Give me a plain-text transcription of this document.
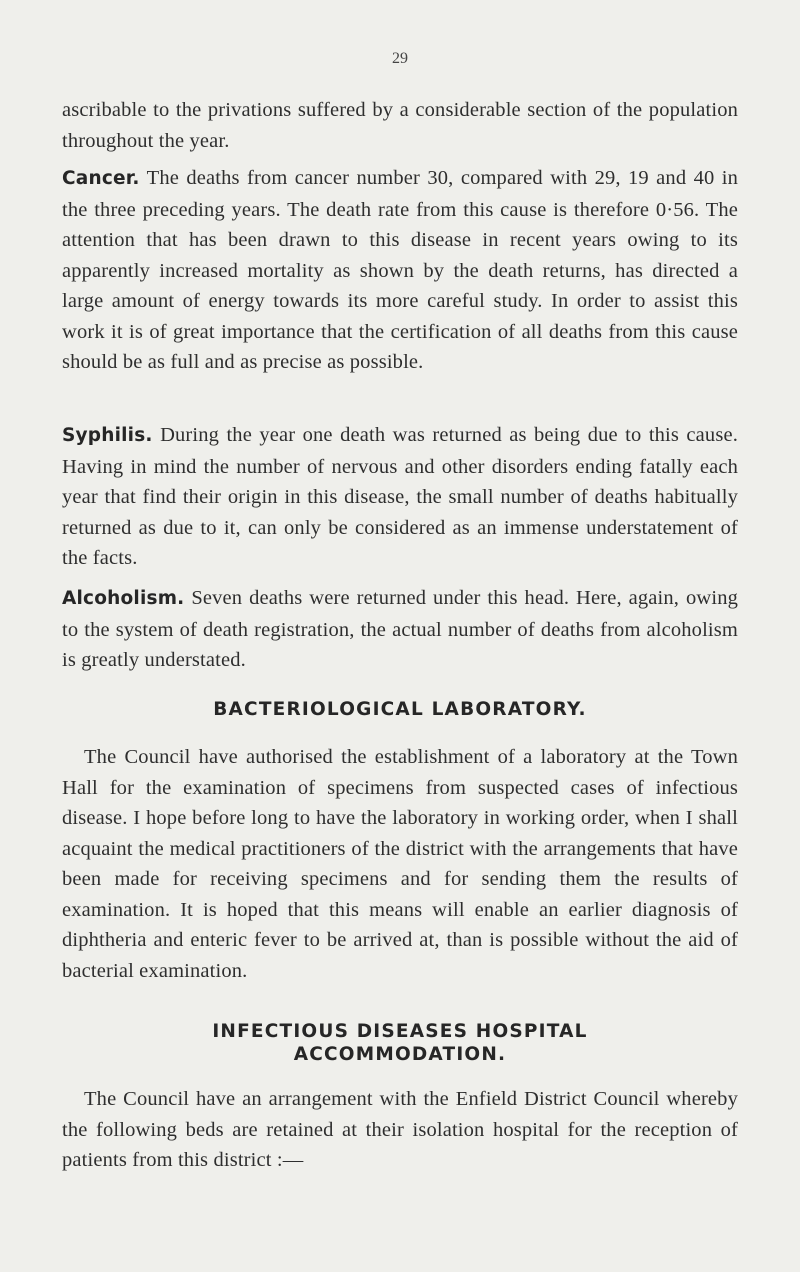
29

ascribable to the privations suffered by a considerable section of the population throughout the year.

Cancer. The deaths from cancer number 30, compared with 29, 19 and 40 in the three preceding years. The death rate from this cause is therefore 0·56. The attention that has been drawn to this disease in recent years owing to its apparently increased mortality as shown by the death returns, has directed a large amount of energy towards its more careful study. In order to assist this work it is of great importance that the certification of all deaths from this cause should be as full and as precise as possible.

Syphilis. During the year one death was returned as being due to this cause. Having in mind the number of nervous and other disorders ending fatally each year that find their origin in this disease, the small number of deaths habitually returned as due to it, can only be considered as an immense understatement of the facts.

Alcoholism. Seven deaths were returned under this head. Here, again, owing to the system of death registration, the actual number of deaths from alcoholism is greatly understated.

BACTERIOLOGICAL LABORATORY.

The Council have authorised the establishment of a laboratory at the Town Hall for the examination of specimens from suspected cases of infectious disease. I hope before long to have the laboratory in working order, when I shall acquaint the medical practitioners of the district with the arrangements that have been made for receiving specimens and for sending them the results of examination. It is hoped that this means will enable an earlier diagnosis of diphtheria and enteric fever to be arrived at, than is possible without the aid of bacterial examination.

INFECTIOUS DISEASES HOSPITAL
ACCOMMODATION.

The Council have an arrangement with the Enfield District Council whereby the following beds are retained at their isolation hospital for the reception of patients from this district :—
